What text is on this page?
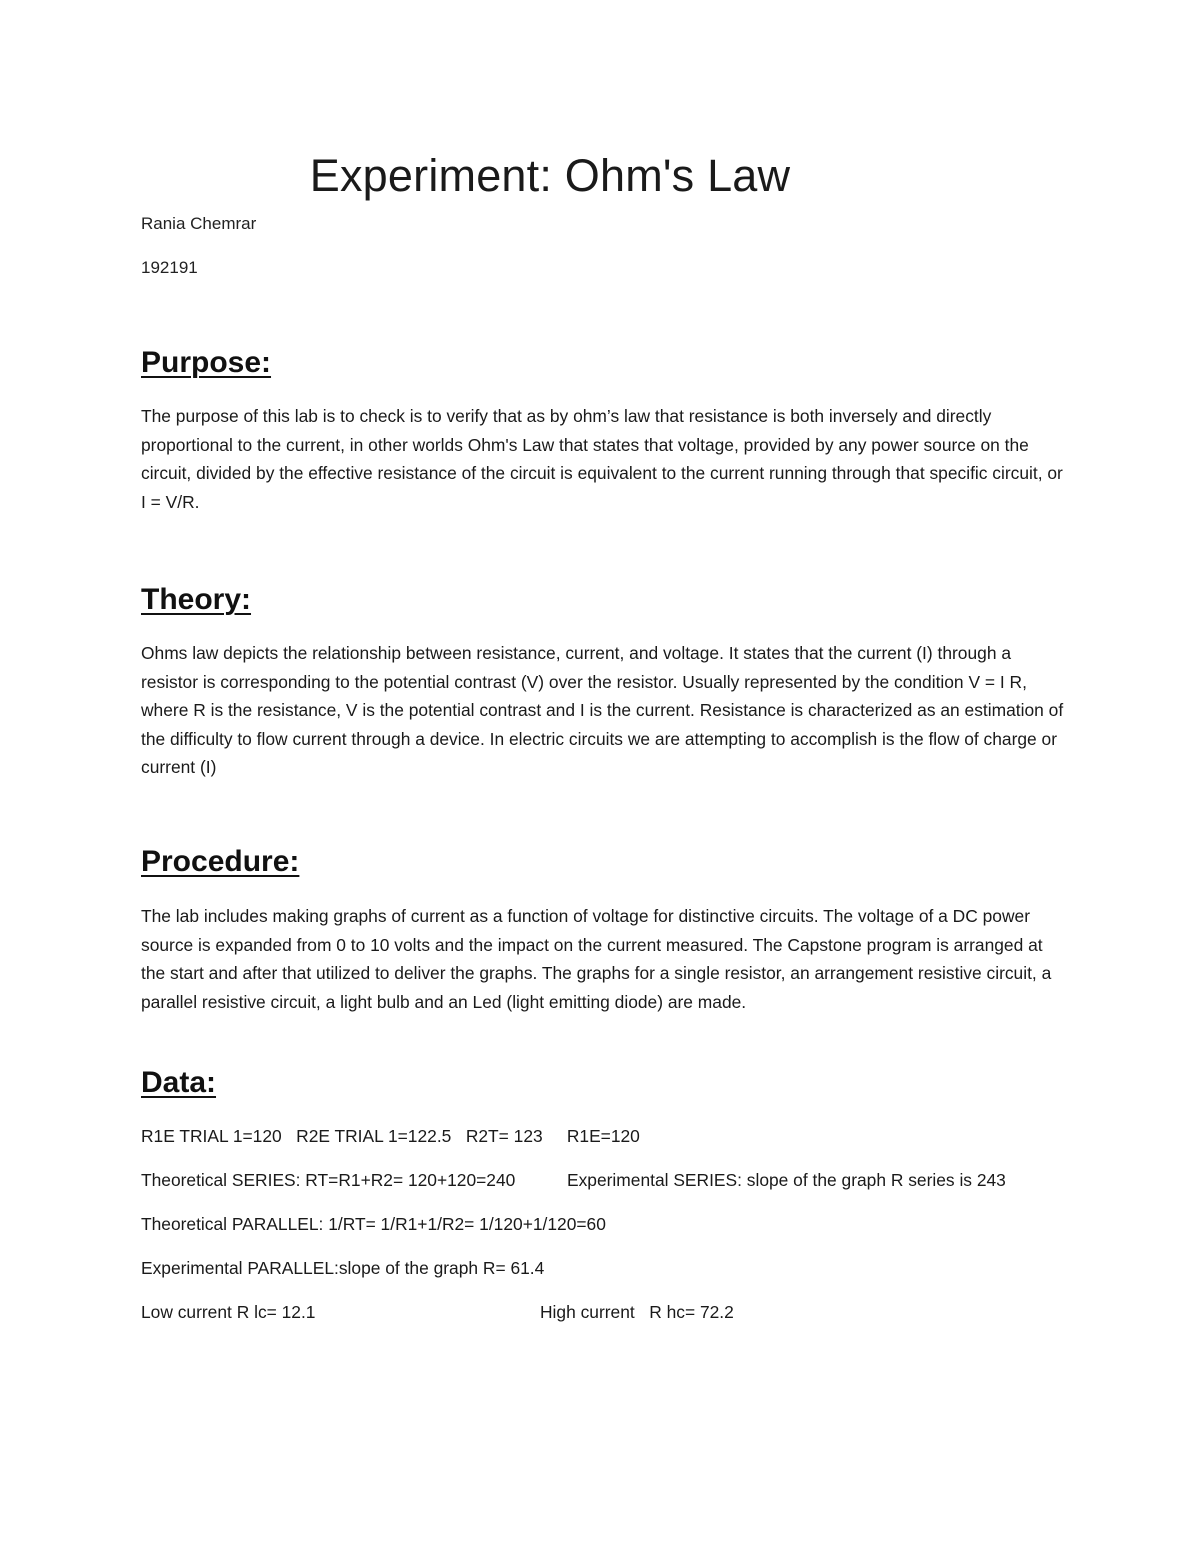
Experiment: Ohm's Law

Rania Chemrar

192191

Purpose:

The purpose of this lab is to check is to verify that as by ohm’s law that resistance is both inversely and directly proportional to the current, in other worlds Ohm's Law that states that voltage, provided by any power source on the circuit, divided by the effective resistance of the circuit is equivalent to the current running through that specific circuit, or I = V/R.

Theory:

Ohms law depicts the relationship between resistance, current, and voltage. It states that the current (I) through a resistor is corresponding to the potential contrast (V) over the resistor. Usually represented by the condition V = I R, where R is the resistance, V is the potential contrast and I is the current. Resistance is characterized as an estimation of the difficulty to flow current through a device. In electric circuits we are attempting to accomplish is the flow of charge or current (I)

Procedure:

The lab includes making graphs of current as a function of voltage for distinctive circuits. The voltage of a DC power source is expanded from 0 to 10 volts and the impact on the current measured. The Capstone program is arranged at the start and after that utilized to deliver the graphs. The graphs for a single resistor, an arrangement resistive circuit, a parallel resistive circuit, a light bulb and an Led (light emitting diode) are made.

Data:

R1E TRIAL 1=120   R2E TRIAL 1=122.5   R2T= 123     R1E=120

Theoretical SERIES: RT=R1+R2= 120+120=240	Experimental SERIES: slope of the graph R series is 243

Theoretical PARALLEL: 1/RT= 1/R1+1/R2= 1/120+1/120=60

Experimental PARALLEL:slope of the graph R= 61.4

Low current R lc= 12.1	High current   R hc= 72.2
